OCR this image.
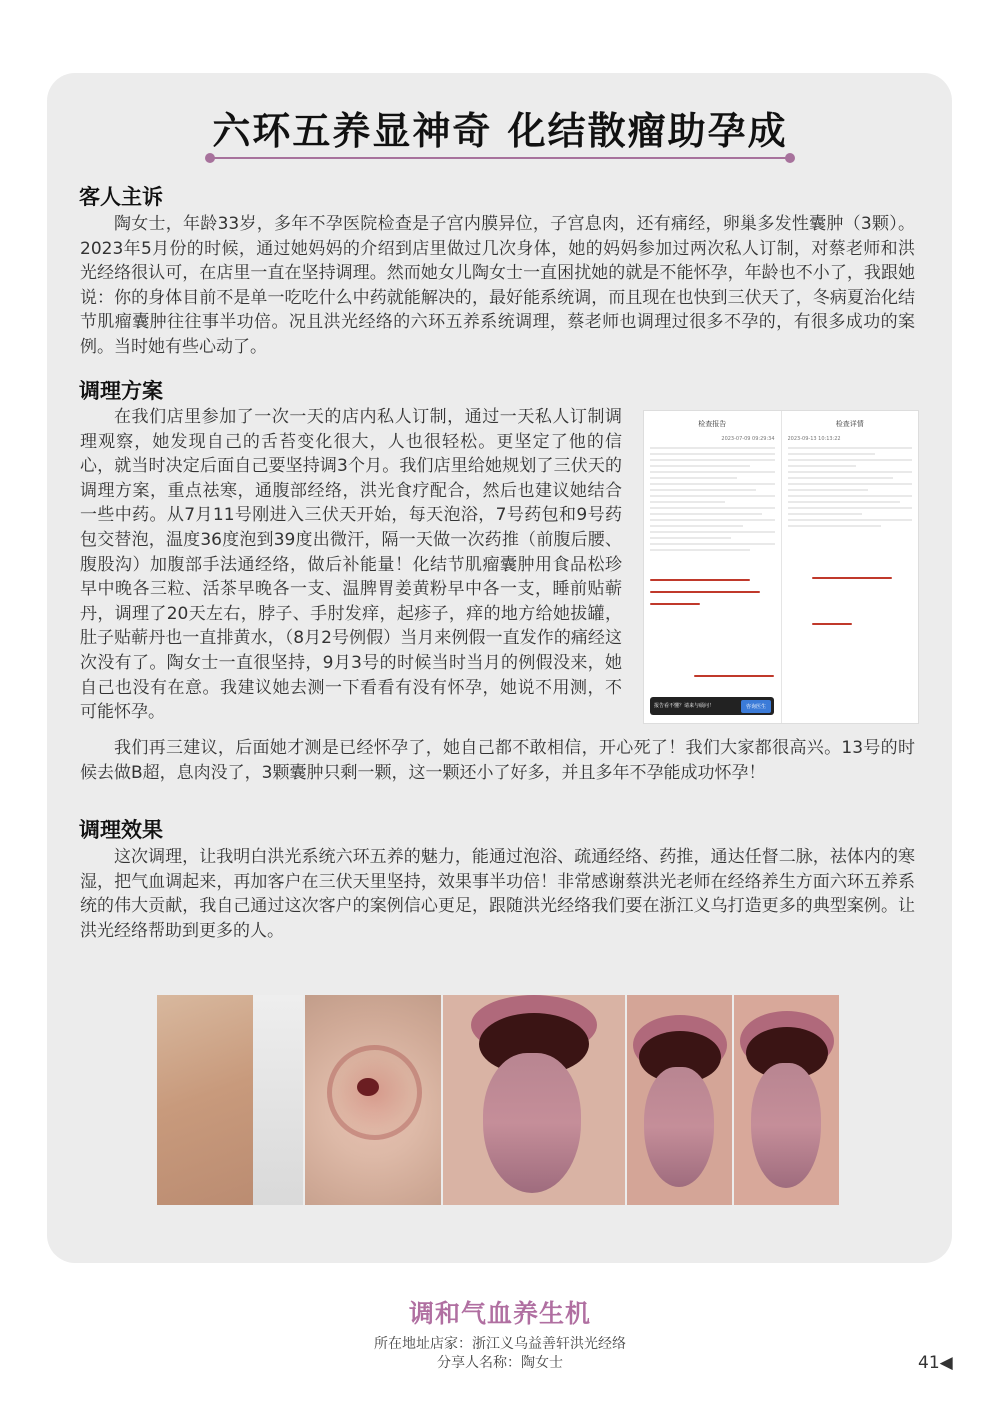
六环五养显神奇 化结散瘤助孕成
客人主诉
陶女士，年龄33岁，多年不孕医院检查是子宫内膜异位，子宫息肉，还有痛经，卵巢多发性囊肿（3颗）。2023年5月份的时候，通过她妈妈的介绍到店里做过几次身体，她的妈妈参加过两次私人订制，对蔡老师和洪光经络很认可，在店里一直在坚持调理。然而她女儿陶女士一直困扰她的就是不能怀孕，年龄也不小了，我跟她说：你的身体目前不是单一吃吃什么中药就能解决的，最好能系统调，而且现在也快到三伏天了，冬病夏治化结节肌瘤囊肿往往事半功倍。况且洪光经络的六环五养系统调理，蔡老师也调理过很多不孕的，有很多成功的案例。当时她有些心动了。
调理方案
在我们店里参加了一次一天的店内私人订制，通过一天私人订制调理观察，她发现自己的舌苔变化很大，人也很轻松。更坚定了他的信心，就当时决定后面自己要坚持调3个月。我们店里给她规划了三伏天的调理方案，重点祛寒，通腹部经络，洪光食疗配合，然后也建议她结合一些中药。从7月11号刚进入三伏天开始，每天泡浴，7号药包和9号药包交替泡，温度36度泡到39度出微汗，隔一天做一次药推（前腹后腰、腹股沟）加腹部手法通经络，做后补能量！化结节肌瘤囊肿用食品松珍早中晚各三粒、活茶早晚各一支、温脾胃姜黄粉早中各一支，睡前贴蕲丹，调理了20天左右，脖子、手肘发痒，起疹子，痒的地方给她拔罐，肚子贴蕲丹也一直排黄水，（8月2号例假）当月来例假一直发作的痛经这次没有了。陶女士一直很坚持，9月3号的时候当时当月的例假没来，她自己也没有在意。我建议她去测一下看看有没有怀孕，她说不用测，不可能怀孕。
我们再三建议，后面她才测是已经怀孕了，她自己都不敢相信，开心死了！我们大家都很高兴。13号的时候去做B超，息肉没了，3颗囊肿只剩一颗，这一颗还小了好多，并且多年不孕能成功怀孕！
检查报告
2023-07-09 09:29:34
报告看不懂？请来与硕问！	咨询医生
检查详情
2023-09-13 10:13:22
调理效果
这次调理，让我明白洪光系统六环五养的魅力，能通过泡浴、疏通经络、药推，通达任督二脉，祛体内的寒湿，把气血调起来，再加客户在三伏天里坚持，效果事半功倍！非常感谢蔡洪光老师在经络养生方面六环五养系统的伟大贡献，我自己通过这次客户的案例信心更足，跟随洪光经络我们要在浙江义乌打造更多的典型案例。让洪光经络帮助到更多的人。
调和气血养生机
所在地址店家：浙江义乌益善轩洪光经络
分享人名称：陶女士	41◀
